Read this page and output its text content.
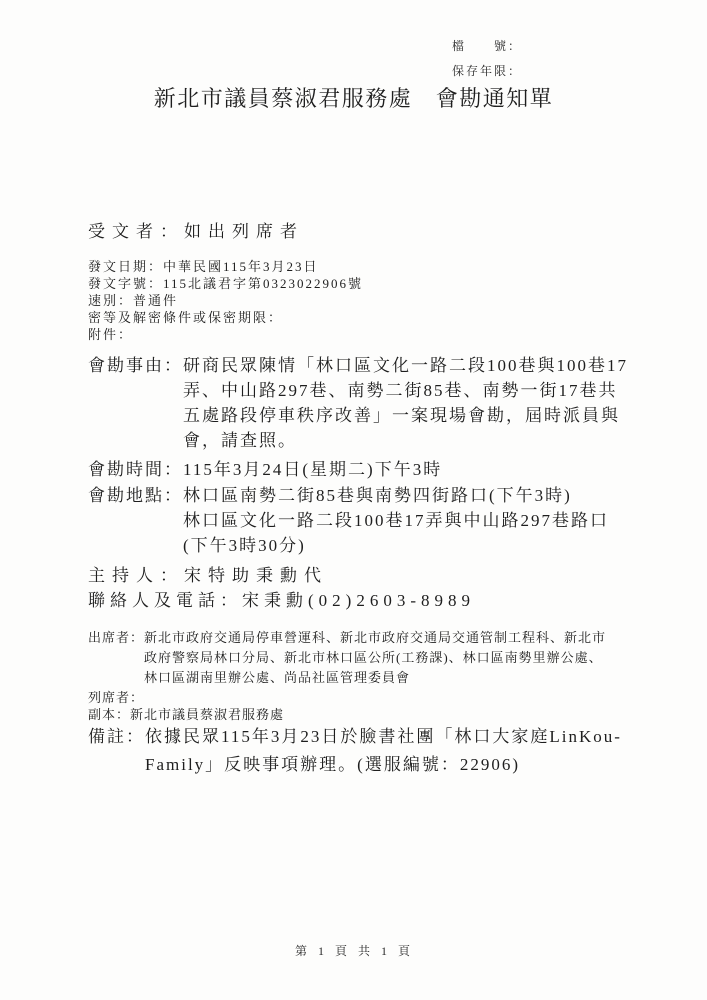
檔　　號：
保存年限：
新北市議員蔡淑君服務處　會勘通知單
受文者：如出列席者
發文日期：中華民國115年3月23日
發文字號：115北議君字第0323022906號
速別：普通件
密等及解密條件或保密期限：
附件：
會勘事由： 研商民眾陳情「林口區文化一路二段100巷與100巷17
弄、中山路297巷、南勢二街85巷、南勢一街17巷共
五處路段停車秩序改善」一案現場會勘，屆時派員與
會，請查照。
會勘時間： 115年3月24日(星期二)下午3時
會勘地點： 林口區南勢二街85巷與南勢四街路口(下午3時)
林口區文化一路二段100巷17弄與中山路297巷路口
(下午3時30分)
主持人： 宋特助秉勳代
聯絡人及電話： 宋秉勳(02)2603-8989
出席者： 新北市政府交通局停車營運科、新北市政府交通局交通管制工程科、新北市
政府警察局林口分局、新北市林口區公所(工務課)、林口區南勢里辦公處、
林口區湖南里辦公處、尚品社區管理委員會
列席者：
副本： 新北市議員蔡淑君服務處
備註： 依據民眾115年3月23日於臉書社團「林口大家庭LinKou-
Family」反映事項辦理。(選服編號：22906)
第 1 頁 共 1 頁
